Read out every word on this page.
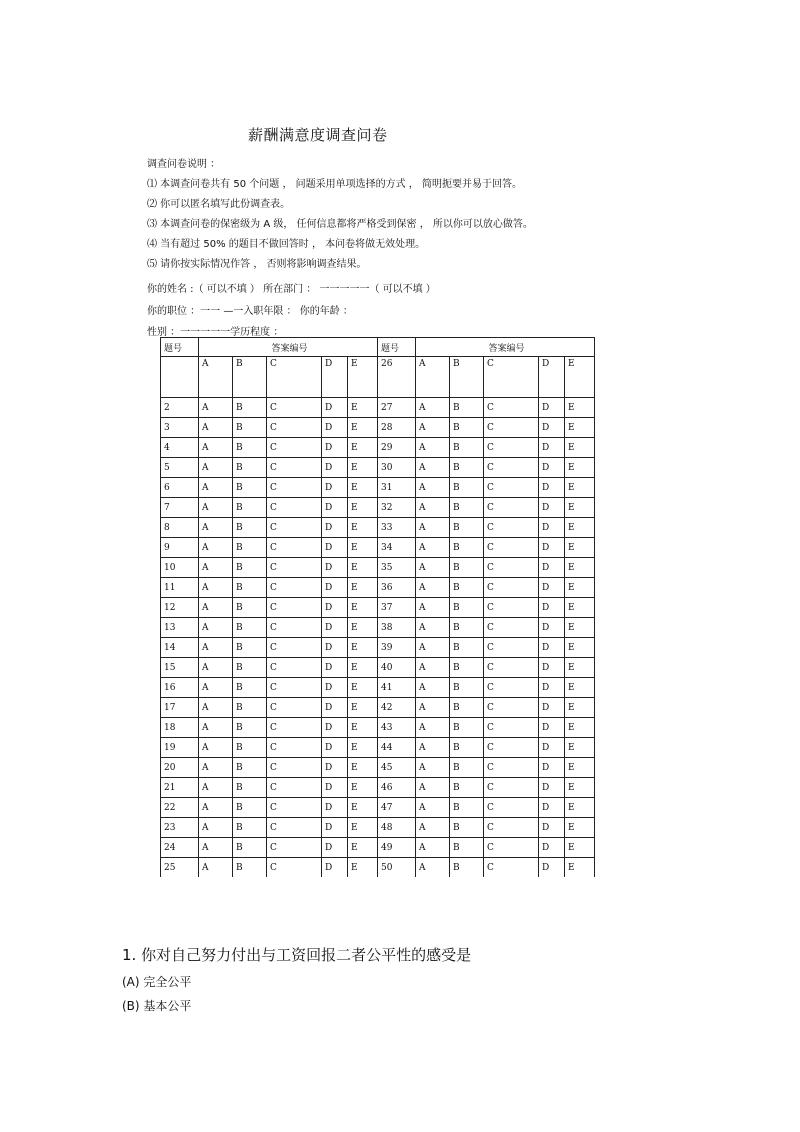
薪酬满意度调查问卷
调查问卷说明 ：
⑴ 本调查问卷共有 50 个问题 ， 问题采用单项选择的方式 ， 简明扼要并易于回答。
⑵ 你可以匿名填写此份调查表。
⑶ 本调查问卷的保密级为 A 级， 任何信息都将严格受到保密 ， 所以你可以放心做答。
⑷ 当有超过 50% 的题目不做回答时 ， 本问卷将做无效处理。
⑸ 请你按实际情况作答 ， 否则将影响调查结果。
你的姓名 :（ 可以不填 ） 所在部门 ： 一一一一一（ 可以不填 ）
你的职位 ：一一 —一入职年限 ： 你的年龄 ：
性别 ：一一一一一学历程度 ：
题号	答案编号					题号	答案编号				
	A	B	C	D	E	26	A	B	C	D	E
2	A	B	C	D	E	27	A	B	C	D	E
3	A	B	C	D	E	28	A	B	C	D	E
4	A	B	C	D	E	29	A	B	C	D	E
5	A	B	C	D	E	30	A	B	C	D	E
6	A	B	C	D	E	31	A	B	C	D	E
7	A	B	C	D	E	32	A	B	C	D	E
8	A	B	C	D	E	33	A	B	C	D	E
9	A	B	C	D	E	34	A	B	C	D	E
10	A	B	C	D	E	35	A	B	C	D	E
11	A	B	C	D	E	36	A	B	C	D	E
12	A	B	C	D	E	37	A	B	C	D	E
13	A	B	C	D	E	38	A	B	C	D	E
14	A	B	C	D	E	39	A	B	C	D	E
15	A	B	C	D	E	40	A	B	C	D	E
16	A	B	C	D	E	41	A	B	C	D	E
17	A	B	C	D	E	42	A	B	C	D	E
18	A	B	C	D	E	43	A	B	C	D	E
19	A	B	C	D	E	44	A	B	C	D	E
20	A	B	C	D	E	45	A	B	C	D	E
21	A	B	C	D	E	46	A	B	C	D	E
22	A	B	C	D	E	47	A	B	C	D	E
23	A	B	C	D	E	48	A	B	C	D	E
24	A	B	C	D	E	49	A	B	C	D	E
25	A	B	C	D	E	50	A	B	C	D	E
1. 你对自己努力付出与工资回报二者公平性的感受是
(A) 完全公平
(B) 基本公平
